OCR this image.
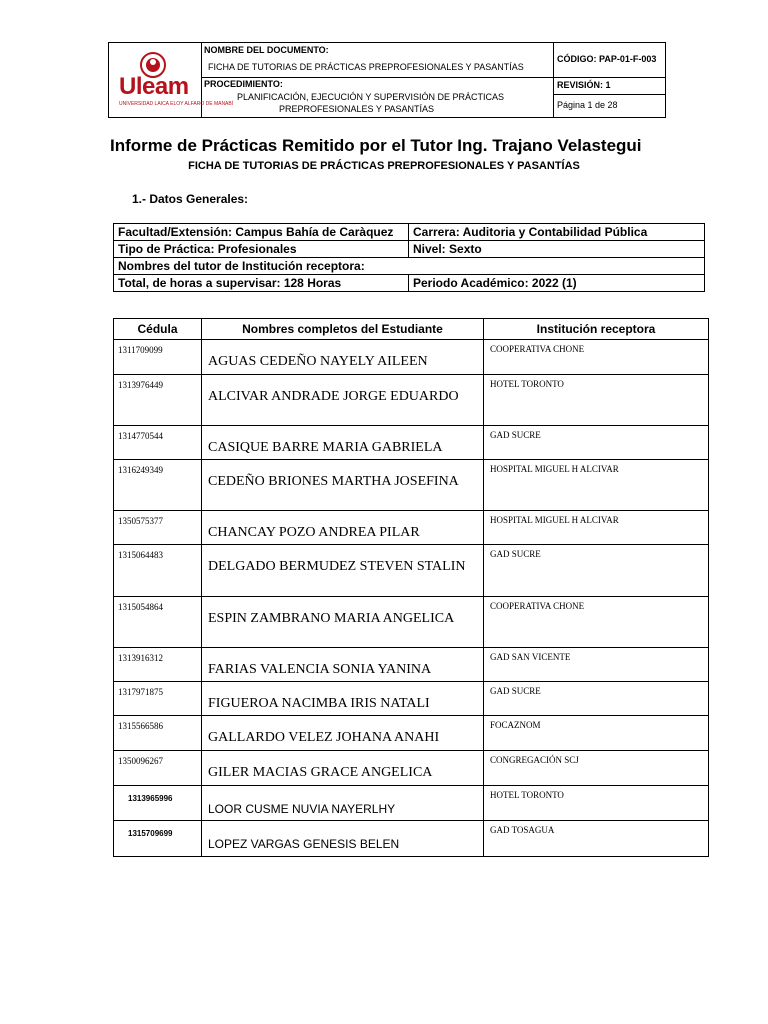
Uleam
UNIVERSIDAD LAICA ELOY ALFARO DE MANABÍ
NOMBRE DEL DOCUMENTO:
FICHA DE TUTORIAS DE PRÁCTICAS PREPROFESIONALES Y PASANTÍAS
PROCEDIMIENTO:
PLANIFICACIÓN, EJECUCIÓN Y SUPERVISIÓN DE PRÁCTICAS
PREPROFESIONALES Y PASANTÍAS
CÓDIGO: PAP-01-F-003
REVISIÓN: 1
Página 1 de 28
Informe de Prácticas Remitido por el Tutor Ing. Trajano Velastegui
FICHA DE TUTORIAS DE PRÁCTICAS PREPROFESIONALES Y PASANTÍAS
1.- Datos Generales:
Facultad/Extensión: Campus Bahía de Caràquez	Carrera: Auditoria y Contabilidad Pública
Tipo de Práctica: Profesionales	Nivel: Sexto
Nombres del tutor de Institución receptora:	
Total, de horas a supervisar: 128 Horas	Periodo Académico: 2022 (1)
Cédula	Nombres completos del Estudiante	Institución receptora
1311709099	AGUAS CEDEÑO NAYELY AILEEN	COOPERATIVA CHONE
1313976449	ALCIVAR ANDRADE JORGE EDUARDO	HOTEL TORONTO
1314770544	CASIQUE BARRE MARIA GABRIELA	GAD SUCRE
1316249349	CEDEÑO BRIONES MARTHA JOSEFINA	HOSPITAL MIGUEL H ALCIVAR
1350575377	CHANCAY POZO ANDREA PILAR	HOSPITAL MIGUEL H ALCIVAR
1315064483	DELGADO BERMUDEZ STEVEN STALIN	GAD SUCRE
1315054864	ESPIN ZAMBRANO MARIA ANGELICA	COOPERATIVA CHONE
1313916312	FARIAS VALENCIA SONIA YANINA	GAD SAN VICENTE
1317971875	FIGUEROA NACIMBA IRIS NATALI	GAD SUCRE
1315566586	GALLARDO VELEZ JOHANA ANAHI	FOCAZNOM
1350096267	GILER MACIAS GRACE ANGELICA	CONGREGACIÓN SCJ
1313965996	LOOR CUSME NUVIA NAYERLHY	HOTEL TORONTO
1315709699	LOPEZ VARGAS GENESIS BELEN	GAD TOSAGUA
